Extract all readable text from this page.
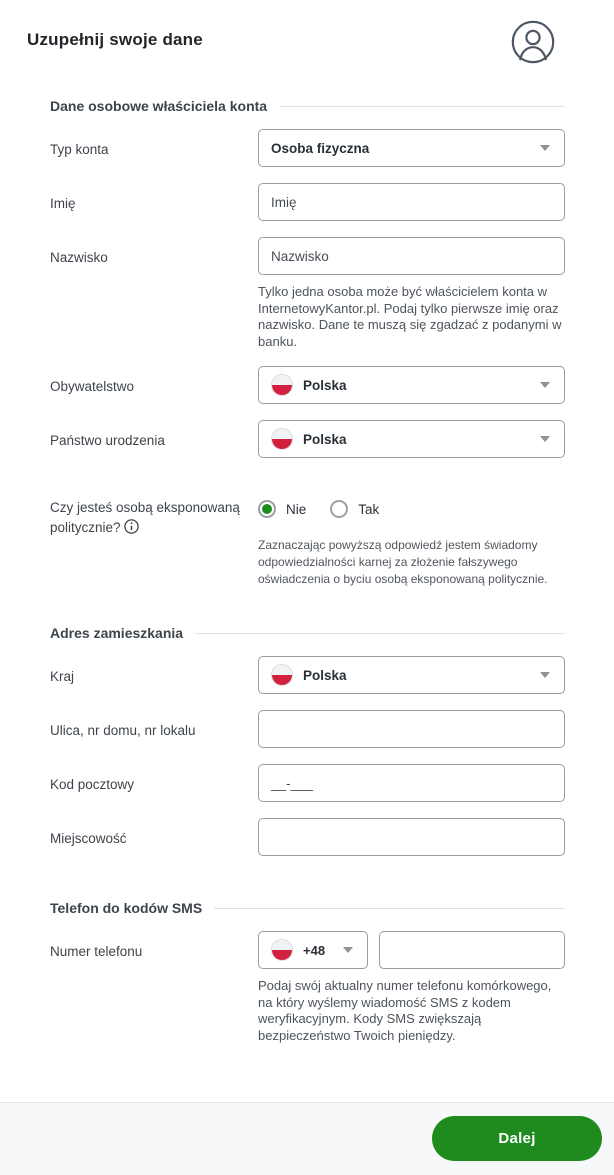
Uzupełnij swoje dane
Dane osobowe właściciela konta
Typ konta	Osoba fizyczna
Imię
Imię
Nazwisko
Nazwisko
Tylko jedna osoba może być właścicielem konta w InternetowyKantor.pl. Podaj tylko pierwsze imię oraz nazwisko. Dane te muszą się zgadzać z podanymi w banku.
Obywatelstwo	Polska
Państwo urodzenia	Polska
Czy jesteś osobą eksponowaną politycznie?
Nie	Tak
Zaznaczając powyższą odpowiedź jestem świadomy odpowiedzialności karnej za złożenie fałszywego oświadczenia o byciu osobą eksponowaną politycznie.
Adres zamieszkania
Kraj	Polska
Ulica, nr domu, nr lokalu
Kod pocztowy
__-___
Miejscowość
Telefon do kodów SMS
Numer telefonu	+48
Podaj swój aktualny numer telefonu komórkowego, na który wyślemy wiadomość SMS z kodem weryfikacyjnym. Kody SMS zwiększają bezpieczeństwo Twoich pieniędzy.
Dalej
